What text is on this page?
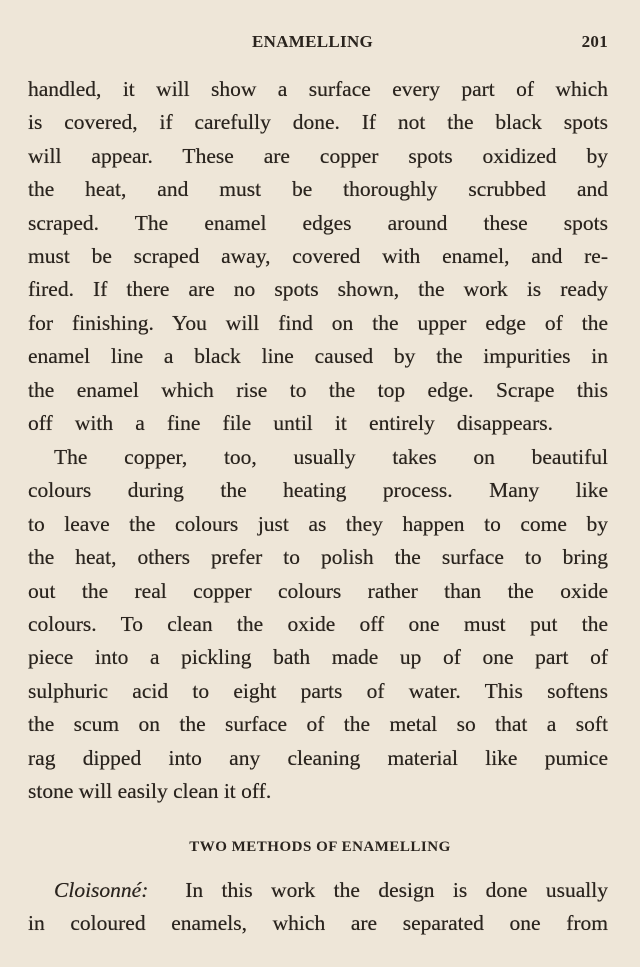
ENAMELLING	201
handled, it will show a surface every part of which
is covered, if carefully done. If not the black spots
will appear. These are copper spots oxidized by
the heat, and must be thoroughly scrubbed and
scraped. The enamel edges around these spots
must be scraped away, covered with enamel, and re-
fired. If there are no spots shown, the work is ready
for finishing. You will find on the upper edge of the
enamel line a black line caused by the impurities in
the enamel which rise to the top edge. Scrape this
off with a fine file until it entirely disappears.
The copper, too, usually takes on beautiful
colours during the heating process. Many like
to leave the colours just as they happen to come by
the heat, others prefer to polish the surface to bring
out the real copper colours rather than the oxide
colours. To clean the oxide off one must put the
piece into a pickling bath made up of one part of
sulphuric acid to eight parts of water. This softens
the scum on the surface of the metal so that a soft
rag dipped into any cleaning material like pumice
stone will easily clean it off.
TWO METHODS OF ENAMELLING
Cloisonné: In this work the design is done usually
in coloured enamels, which are separated one from
